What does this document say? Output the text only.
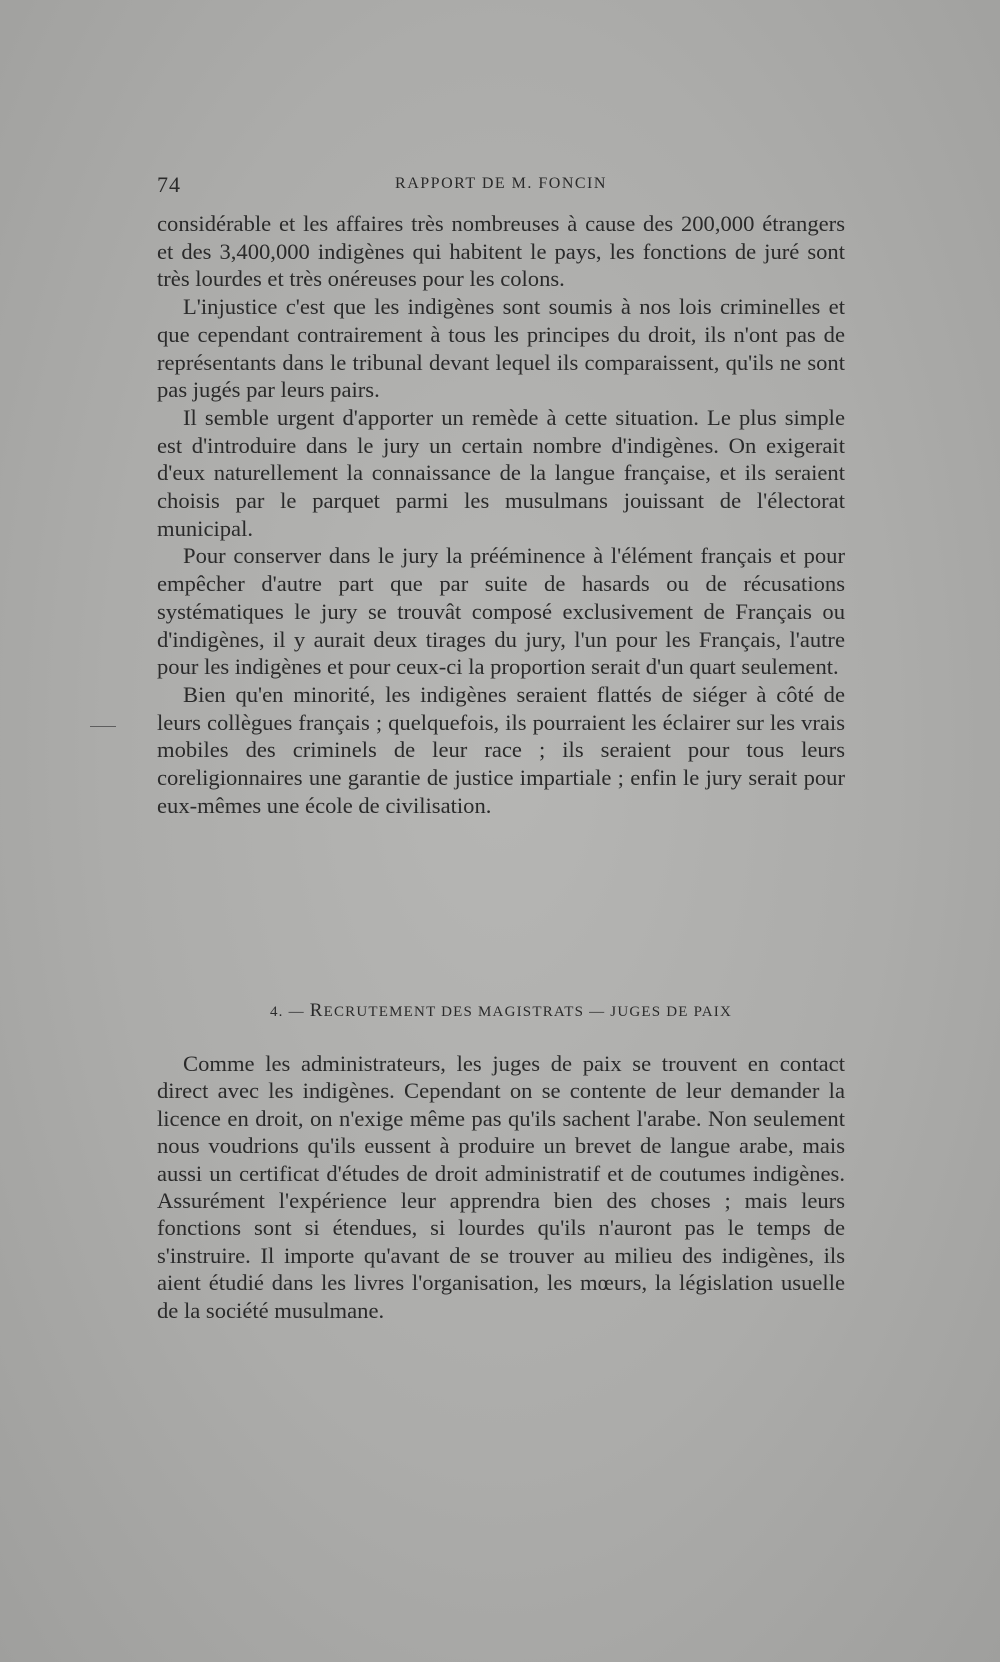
74	RAPPORT DE M. FONCIN

considérable et les affaires très nombreuses à cause des 200,000 étrangers et des 3,400,000 indigènes qui habitent le pays, les fonctions de juré sont très lourdes et très onéreuses pour les colons.

L'injustice c'est que les indigènes sont soumis à nos lois criminelles et que cependant contrairement à tous les principes du droit, ils n'ont pas de représentants dans le tribunal devant lequel ils comparaissent, qu'ils ne sont pas jugés par leurs pairs.

Il semble urgent d'apporter un remède à cette situation. Le plus simple est d'introduire dans le jury un certain nombre d'indigènes. On exigerait d'eux naturellement la connaissance de la langue française, et ils seraient choisis par le parquet parmi les musulmans jouissant de l'électorat municipal.

Pour conserver dans le jury la prééminence à l'élément français et pour empêcher d'autre part que par suite de hasards ou de récusations systématiques le jury se trouvât composé exclusivement de Français ou d'indigènes, il y aurait deux tirages du jury, l'un pour les Français, l'autre pour les indigènes et pour ceux-ci la proportion serait d'un quart seulement.

Bien qu'en minorité, les indigènes seraient flattés de siéger à côté de leurs collègues français ; quelquefois, ils pourraient les éclairer sur les vrais mobiles des criminels de leur race ; ils seraient pour tous leurs coreligionnaires une garantie de justice impartiale ; enfin le jury serait pour eux-mêmes une école de civilisation.

4. — RECRUTEMENT DES MAGISTRATS — JUGES DE PAIX

Comme les administrateurs, les juges de paix se trouvent en contact direct avec les indigènes. Cependant on se contente de leur demander la licence en droit, on n'exige même pas qu'ils sachent l'arabe. Non seulement nous voudrions qu'ils eussent à produire un brevet de langue arabe, mais aussi un certificat d'études de droit administratif et de coutumes indigènes. Assurément l'expérience leur apprendra bien des choses ; mais leurs fonctions sont si étendues, si lourdes qu'ils n'auront pas le temps de s'instruire. Il importe qu'avant de se trouver au milieu des indigènes, ils aient étudié dans les livres l'organisation, les mœurs, la législation usuelle de la société musulmane.
